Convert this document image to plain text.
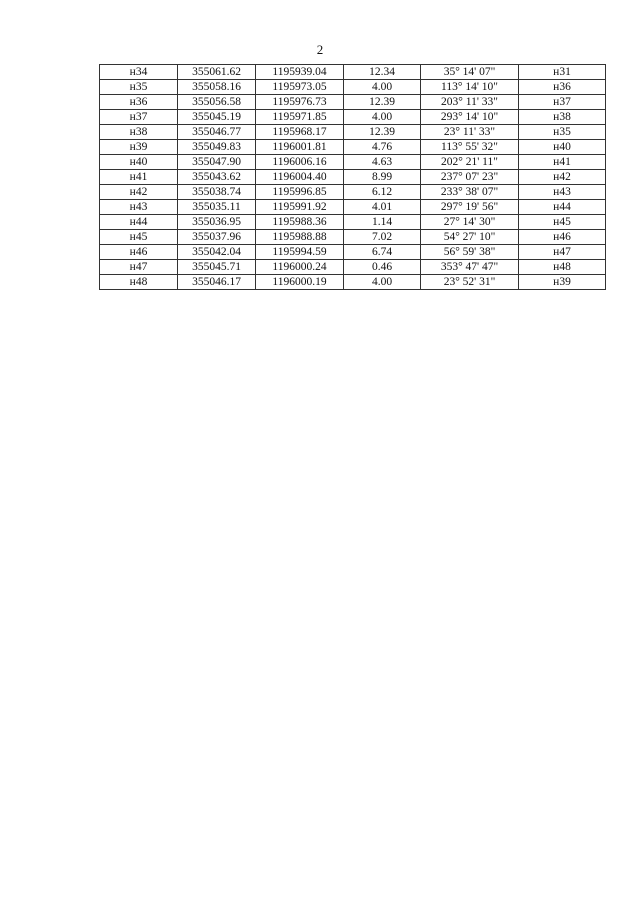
2
н34	355061.62	1195939.04	12.34	35° 14' 07"	н31
н35	355058.16	1195973.05	4.00	113° 14' 10"	н36
н36	355056.58	1195976.73	12.39	203° 11' 33"	н37
н37	355045.19	1195971.85	4.00	293° 14' 10"	н38
н38	355046.77	1195968.17	12.39	23° 11' 33"	н35
н39	355049.83	1196001.81	4.76	113° 55' 32"	н40
н40	355047.90	1196006.16	4.63	202° 21' 11"	н41
н41	355043.62	1196004.40	8.99	237° 07' 23"	н42
н42	355038.74	1195996.85	6.12	233° 38' 07"	н43
н43	355035.11	1195991.92	4.01	297° 19' 56"	н44
н44	355036.95	1195988.36	1.14	27° 14' 30"	н45
н45	355037.96	1195988.88	7.02	54° 27' 10"	н46
н46	355042.04	1195994.59	6.74	56° 59' 38"	н47
н47	355045.71	1196000.24	0.46	353° 47' 47"	н48
н48	355046.17	1196000.19	4.00	23° 52' 31"	н39
